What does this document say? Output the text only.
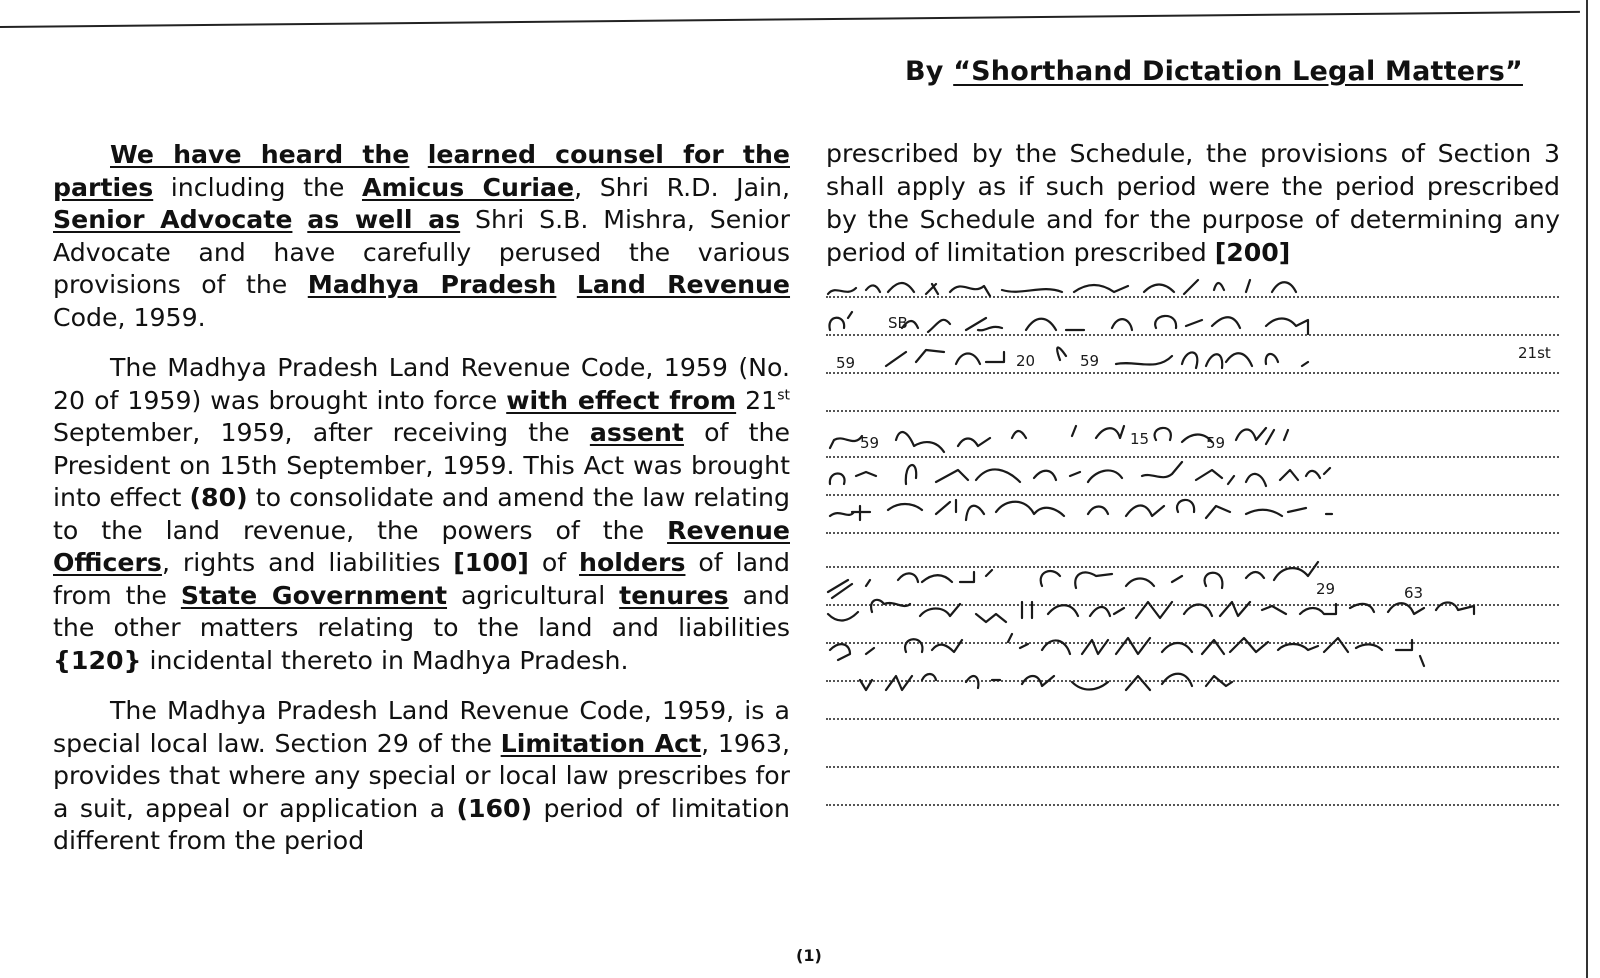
By “Shorthand Dictation Legal Matters”

We have heard the learned counsel for the parties including the Amicus Curiae, Shri R.D. Jain, Senior Advocate as well as Shri S.B. Mishra, Senior Advocate and have carefully perused the various provisions of the Madhya Pradesh Land Revenue Code, 1959.

The Madhya Pradesh Land Revenue Code, 1959 (No. 20 of 1959) was brought into force with effect from 21st September, 1959, after receiving the assent of the President on 15th September, 1959. This Act was brought into effect (80) to consolidate and amend the law relating to the land revenue, the powers of the Revenue Officers, rights and liabilities [100] of holders of land from the State Government agricultural tenures and the other matters relating to the land and liabilities {120} incidental thereto in Madhya Pradesh.

The Madhya Pradesh Land Revenue Code, 1959, is a special local law. Section 29 of the Limitation Act, 1963, provides that where any special or local law prescribes for a suit, appeal or application a (160) period of limitation different from the period

prescribed by the Schedule, the provisions of Section 3 shall apply as if such period were the period prescribed by the Schedule and for the purpose of determining any period of limitation prescribed [200]
SB
59	20	59	21st
59	15	59
29	63
(1)
